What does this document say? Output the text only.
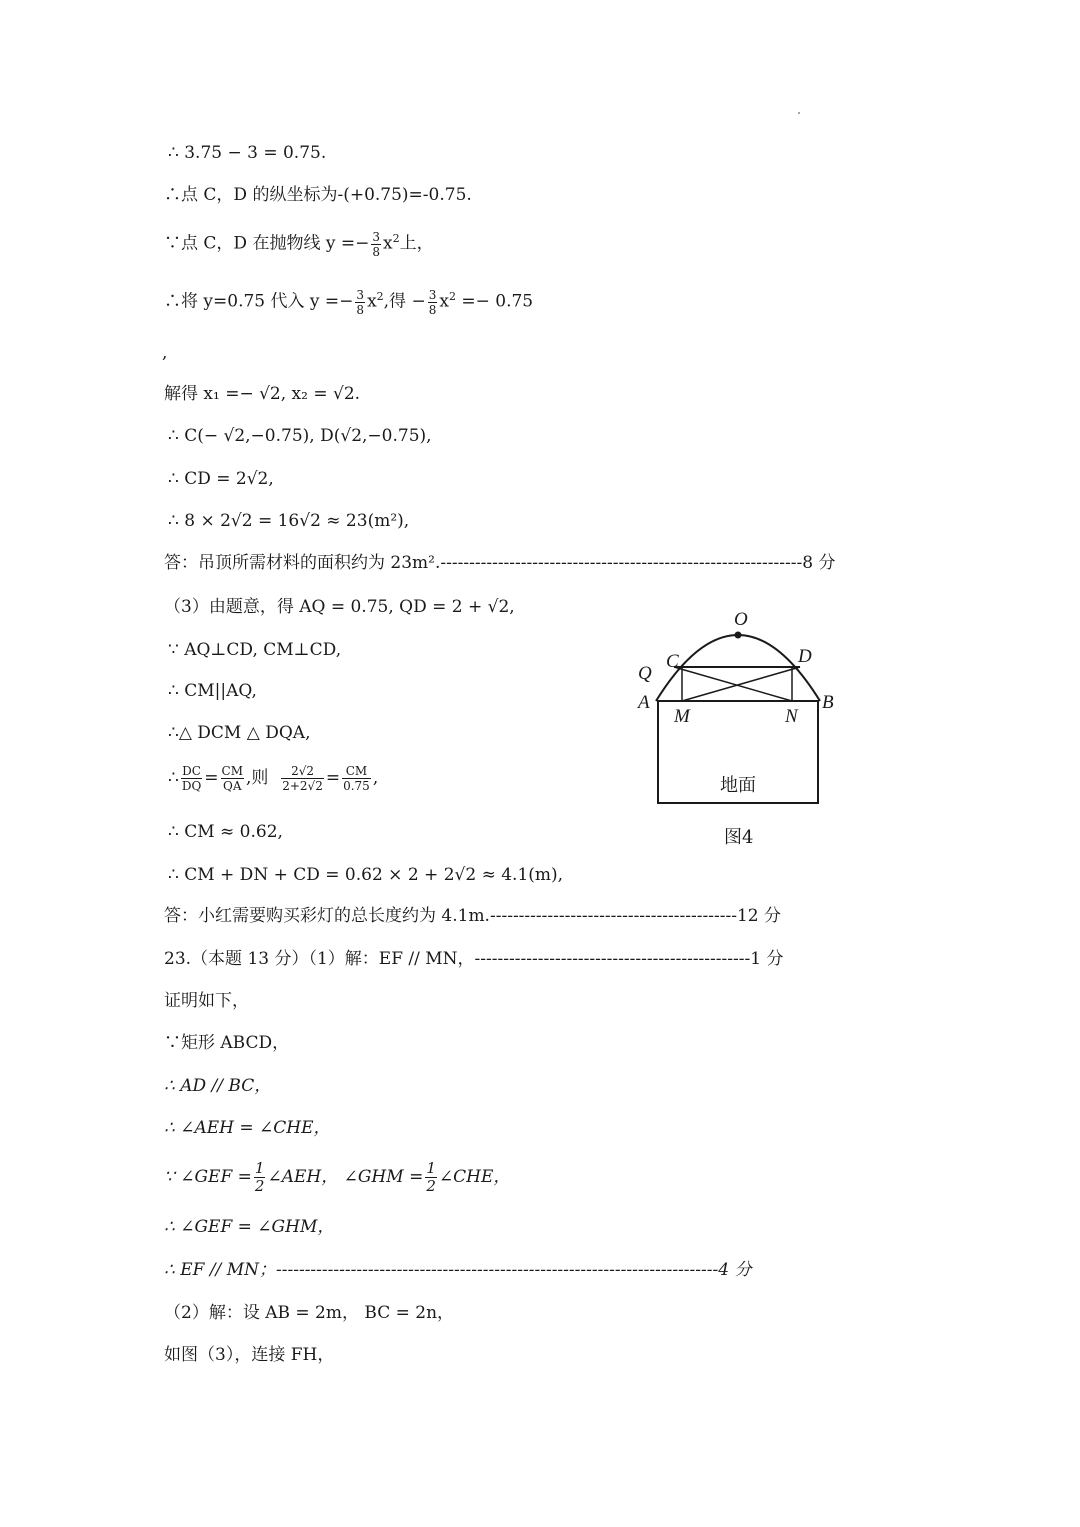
∴ 3.75 − 3 = 0.75.
∴点 C，D 的纵坐标为-(+0.75)=-0.75.
∵点 C，D 在抛物线 $y =- \frac{3}{8} x^2$上，
∴将 y=0.75 代入 $y =- \frac{3}{8} x^2$,得 − $\frac{3}{8} x^2 =- 0.75$
,
解得 x₁ =− √2, x₂ = √2.
∴ C(− √2,−0.75), D(√2,−0.75),
∴ CD = 2√2,
∴ 8 × 2√2 = 16√2 ≈ 23(m²),
答：吊顶所需材料的面积约为 23m².---------------------------------------------------------------8 分
（3）由题意，得 AQ = 0.75, QD = 2 + √2,
∵ AQ⊥CD, CM⊥CD,
∴ CM||AQ,
∴△ DCM △ DQA,
∴ $\frac{DC}{DQ} = \frac{CM}{QA}$ ,则 $\frac{2√2}{2+2√2} = \frac{CM}{0.75}$ ,
∴ CM ≈ 0.62,
∴ CM + DN + CD = 0.62 × 2 + 2√2 ≈ 4.1(m),
答：小红需要购买彩灯的总长度约为 4.1m.-------------------------------------------12 分
23.（本题 13 分）（1）解：EF // MN，------------------------------------------------1 分
证明如下，
∵矩形 ABCD，
∴ AD // BC，
∴ ∠AEH = ∠CHE，
∵ ∠GEF = $\frac{1}{2}$ ∠AEH， ∠GHM = $\frac{1}{2}$ ∠CHE，
∴ ∠GEF = ∠GHM，
∴ EF // MN；-----------------------------------------------------------------------------4 分
（2）解：设 AB = 2m， BC = 2n，
如图（3），连接 FH，
O
C	D
Q
A	B
M	N
地面
图4
